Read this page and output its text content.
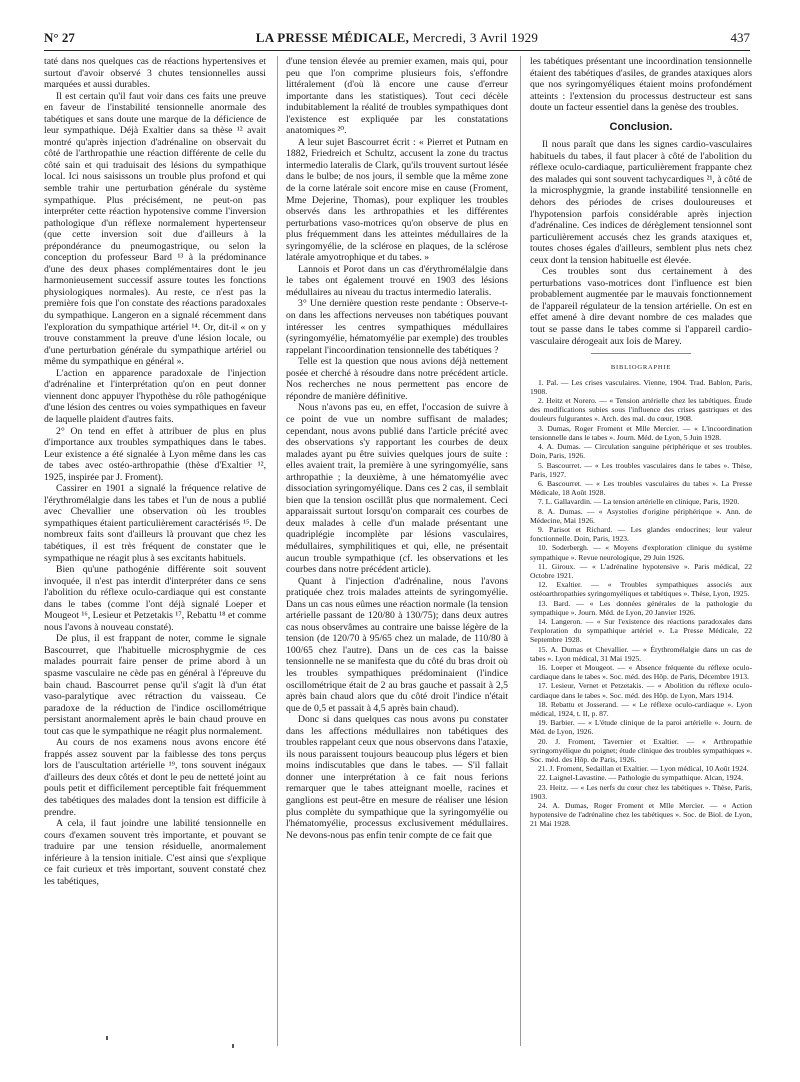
N° 27	LA PRESSE MÉDICALE, Mercredi, 3 Avril 1929	437

taté dans nos quelques cas de réactions hypertensives et surtout d'avoir observé 3 chutes tensionnelles aussi marquées et aussi durables.

Il est certain qu'il faut voir dans ces faits une preuve en faveur de l'instabilité tensionnelle anormale des tabétiques et sans doute une marque de la déficience de leur sympathique. Déjà Exaltier dans sa thèse ¹² avait montré qu'après injection d'adrénaline on observait du côté de l'arthropathie une réaction différente de celle du côté sain et qui traduisait des lésions du sympathique local. Ici nous saisissons un trouble plus profond et qui semble trahir une perturbation générale du système sympathique. Plus précisément, ne peut-on pas interpréter cette réaction hypotensive comme l'inversion pathologique d'un réflexe normalement hypertenseur (que cette inversion soit due d'ailleurs à la prépondérance du pneumogastrique, ou selon la conception du professeur Bard ¹³ à la prédominance d'une des deux phases complémentaires dont le jeu harmonieusement successif assure toutes les fonctions physiologiques normales). Au reste, ce n'est pas la première fois que l'on constate des réactions paradoxales du sympathique. Langeron en a signalé récemment dans l'exploration du sympathique artériel ¹⁴. Or, dit-il « on y trouve constamment la preuve d'une lésion locale, ou d'une perturbation générale du sympathique artériel ou même du sympathique en général ».

L'action en apparence paradoxale de l'injection d'adrénaline et l'interprétation qu'on en peut donner viennent donc appuyer l'hypothèse du rôle pathogénique d'une lésion des centres ou voies sympathiques en faveur de laquelle plaident d'autres faits.

2° On tend en effet à attribuer de plus en plus d'importance aux troubles sympathiques dans le tabes. Leur existence a été signalée à Lyon même dans les cas de tabes avec ostéo-arthropathie (thèse d'Exaltier ¹², 1925, inspirée par J. Froment).

Cassirer en 1901 a signalé la fréquence relative de l'érythromélalgie dans les tabes et l'un de nous a publié avec Chevallier une observation où les troubles sympathiques étaient particulièrement caractérisés ¹⁵. De nombreux faits sont d'ailleurs là prouvant que chez les tabétiques, il est très fréquent de constater que le sympathique ne réagit plus à ses excitants habituels.

Bien qu'une pathogénie différente soit souvent invoquée, il n'est pas interdit d'interpréter dans ce sens l'abolition du réflexe oculo-cardiaque qui est constante dans le tabes (comme l'ont déjà signalé Loeper et Mougeot ¹⁶, Lesieur et Petzetakis ¹⁷, Rebattu ¹⁸ et comme nous l'avons à nouveau constaté).

De plus, il est frappant de noter, comme le signale Bascourret, que l'habituelle microsphygmie de ces malades pourrait faire penser de prime abord à un spasme vasculaire ne cède pas en général à l'épreuve du bain chaud. Bascourret pense qu'il s'agit là d'un état vaso-paralytique avec rétraction du vaisseau. Ce paradoxe de la réduction de l'indice oscillométrique persistant anormalement après le bain chaud prouve en tout cas que le sympathique ne réagit plus normalement.

Au cours de nos examens nous avons encore été frappés assez souvent par la faiblesse des tons perçus lors de l'auscultation artérielle ¹⁹, tons souvent inégaux d'ailleurs des deux côtés et dont le peu de netteté joint au pouls petit et difficilement perceptible fait fréquemment des tabétiques des malades dont la tension est difficile à prendre.

A cela, il faut joindre une labilité tensionnelle en cours d'examen souvent très importante, et pouvant se traduire par une tension résiduelle, anormalement inférieure à la tension initiale. C'est ainsi que s'explique ce fait curieux et très important, souvent constaté chez les tabétiques,

d'une tension élevée au premier examen, mais qui, pour peu que l'on comprime plusieurs fois, s'effondre littéralement (d'où là encore une cause d'erreur importante dans les statistiques). Tout ceci décèle indubitablement la réalité de troubles sympathiques dont l'existence est expliquée par les constatations anatomiques ²⁰.

A leur sujet Bascourret écrit : « Pierret et Putnam en 1882, Friedreich et Schultz, accusent la zone du tractus intermedio lateralis de Clark, qu'ils trouvent surtout lésée dans le bulbe; de nos jours, il semble que la même zone de la corne latérale soit encore mise en cause (Froment, Mme Dejerine, Thomas), pour expliquer les troubles observés dans les arthropathies et les différentes perturbations vaso-motrices qu'on observe de plus en plus fréquemment dans les atteintes médullaires de la syringomyélie, de la sclérose en plaques, de la sclérose latérale amyotrophique et du tabes. »

Lannois et Porot dans un cas d'érythromélalgie dans le tabes ont également trouvé en 1903 des lésions médullaires au niveau du tractus intermedio lateralis.

3° Une dernière question reste pendante : Observe-t-on dans les affections nerveuses non tabétiques pouvant intéresser les centres sympathiques médullaires (syringomyélie, hématomyélie par exemple) des troubles rappelant l'incoordination tensionnelle des tabétiques ?

Telle est la question que nous avions déjà nettement posée et cherché à résoudre dans notre précédent article. Nos recherches ne nous permettent pas encore de répondre de manière définitive.

Nous n'avons pas eu, en effet, l'occasion de suivre à ce point de vue un nombre suffisant de malades; cependant, nous avons publié dans l'article précité avec des observations s'y rapportant les courbes de deux malades ayant pu être suivies quelques jours de suite : elles avaient trait, la première à une syringomyélie, sans arthropathie ; la deuxième, à une hématomyélie avec dissociation syringomyélique. Dans ces 2 cas, il semblait bien que la tension oscillât plus que normalement. Ceci apparaissait surtout lorsqu'on comparait ces courbes de deux malades à celle d'un malade présentant une quadriplégie incomplète par lésions vasculaires, médullaires, symphilitiques et qui, elle, ne présentait aucun trouble sympathique (cf. les observations et les courbes dans notre précédent article).

Quant à l'injection d'adrénaline, nous l'avons pratiquée chez trois malades atteints de syringomyélie. Dans un cas nous eûmes une réaction normale (la tension artérielle passant de 120/80 à 130/75); dans deux autres cas nous observâmes au contraire une baisse légère de la tension (de 120/70 à 95/65 chez un malade, de 110/80 à 100/65 chez l'autre). Dans un de ces cas la baisse tensionnelle ne se manifesta que du côté du bras droit où les troubles sympathiques prédominaient (l'indice oscillométrique était de 2 au bras gauche et passait à 2,5 après bain chaud alors que du côté droit l'indice n'était que de 0,5 et passait à 4,5 après bain chaud).

Donc si dans quelques cas nous avons pu constater dans les affections médullaires non tabétiques des troubles rappelant ceux que nous observons dans l'ataxie, ils nous paraissent toujours beaucoup plus légers et bien moins indiscutables que dans le tabes. — S'il fallait donner une interprétation à ce fait nous ferions remarquer que le tabes atteignant moelle, racines et ganglions est peut-être en mesure de réaliser une lésion plus complète du sympathique que la syringomyélie ou l'hématomyélie, processus exclusivement médullaires. Ne devons-nous pas enfin tenir compte de ce fait que

les tabétiques présentant une incoordination tensionnelle étaient des tabétiques d'asiles, de grandes ataxiques alors que nos syringomyéliques étaient moins profondément atteints : l'extension du processus destructeur est sans doute un facteur essentiel dans la genèse des troubles.

Conclusion.

Il nous paraît que dans les signes cardio-vasculaires habituels du tabes, il faut placer à côté de l'abolition du réflexe oculo-cardiaque, particulièrement frappante chez des malades qui sont souvent tachycardiques ²¹, à côté de la microsphygmie, la grande instabilité tensionnelle en dehors des périodes de crises douloureuses et l'hypotension parfois considérable après injection d'adrénaline. Ces indices de dérèglement tensionnel sont particulièrement accusés chez les grands ataxiques et, toutes choses égales d'ailleurs, semblent plus nets chez ceux dont la tension habituelle est élevée.

Ces troubles sont dus certainement à des perturbations vaso-motrices dont l'influence est bien probablement augmentée par le mauvais fonctionnement de l'appareil régulateur de la tension artérielle. On est en effet amené à dire devant nombre de ces malades que tout se passe dans le tabes comme si l'appareil cardio-vasculaire dérogeait aux lois de Marey.

BIBLIOGRAPHIE

1. Pal. — Les crises vasculaires. Vienne, 1904. Trad. Bablon, Paris, 1908.

2. Heitz et Norero. — « Tension artérielle chez les tabétiques. Étude des modifications subies sous l'influence des crises gastriques et des douleurs fulgurantes ». Arch. des mal. du cœur, 1908.

3. Dumas, Roger Froment et Mlle Mercier. — « L'incoordination tensionnelle dans le tabes ». Journ. Méd. de Lyon, 5 Juin 1928.

4. A. Dumas. — Circulation sanguine périphérique et ses troubles. Doin, Paris, 1926.

5. Bascourret. — « Les troubles vasculaires dans le tabes ». Thèse, Paris, 1927.

6. Bascourret. — « Les troubles vasculaires du tabes ». La Presse Médicale, 18 Août 1928.

7. L. Gallavardin. — La tension artérielle en clinique, Paris, 1920.

8. A. Dumas. — « Asystolies d'origine périphérique ». Ann. de Médecine, Mai 1926.

9. Parisot et Richard. — Les glandes endocrines; leur valeur fonctionnelle. Doin, Paris, 1923.

10. Soderbergh. — « Moyens d'exploration clinique du système sympathique ». Revue neurologique, 29 Juin 1926.

11. Giroux. — « L'adrénaline hypotensive ». Paris médical, 22 Octobre 1921.

12. Exaltier. — « Troubles sympathiques associés aux ostéoarthropathies syringomyéliques et tabétiques ». Thèse, Lyon, 1925.

13. Bard. — « Les données générales de la pathologie du sympathique ». Journ. Méd. de Lyon, 20 Janvier 1926.

14. Langeron. — « Sur l'existence des réactions paradoxales dans l'exploration du sympathique artériel ». La Presse Médicale, 22 Septembre 1928.

15. A. Dumas et Chevallier. — « Érythromélalgie dans un cas de tabes ». Lyon médical, 31 Mai 1925.

16. Loeper et Mougeot. — « Absence fréquente du réflexe oculo-cardiaque dans le tabes ». Soc. méd. des Hôp. de Paris, Décembre 1913.

17. Lesieur, Vernet et Petzetakis. — « Abolition du réflexe oculo-cardiaque dans le tabes ». Soc. méd. des Hôp. de Lyon, Mars 1914.

18. Rebattu et Josserand. — « Le réflexe oculo-cardiaque ». Lyon médical, 1924, t. II, p. 87.

19. Barbier. — « L'étude clinique de la paroi artérielle ». Journ. de Méd. de Lyon, 1926.

20. J. Froment, Tavernier et Exaltier. — « Arthropathie syringomyélique du poignet; étude clinique des troubles sympathiques ». Soc. méd. des Hôp. de Paris, 1926.

21. J. Froment, Sedaillan et Exaltier. — Lyon médical, 10 Août 1924.

22. Laignel-Lavastine. — Pathologie du sympathique. Alcan, 1924.

23. Heitz. — « Les nerfs du cœur chez les tabétiques ». Thèse, Paris, 1903.

24. A. Dumas, Roger Froment et Mlle Mercier. — « Action hypotensive de l'adrénaline chez les tabétiques ». Soc. de Biol. de Lyon, 21 Mai 1928.
